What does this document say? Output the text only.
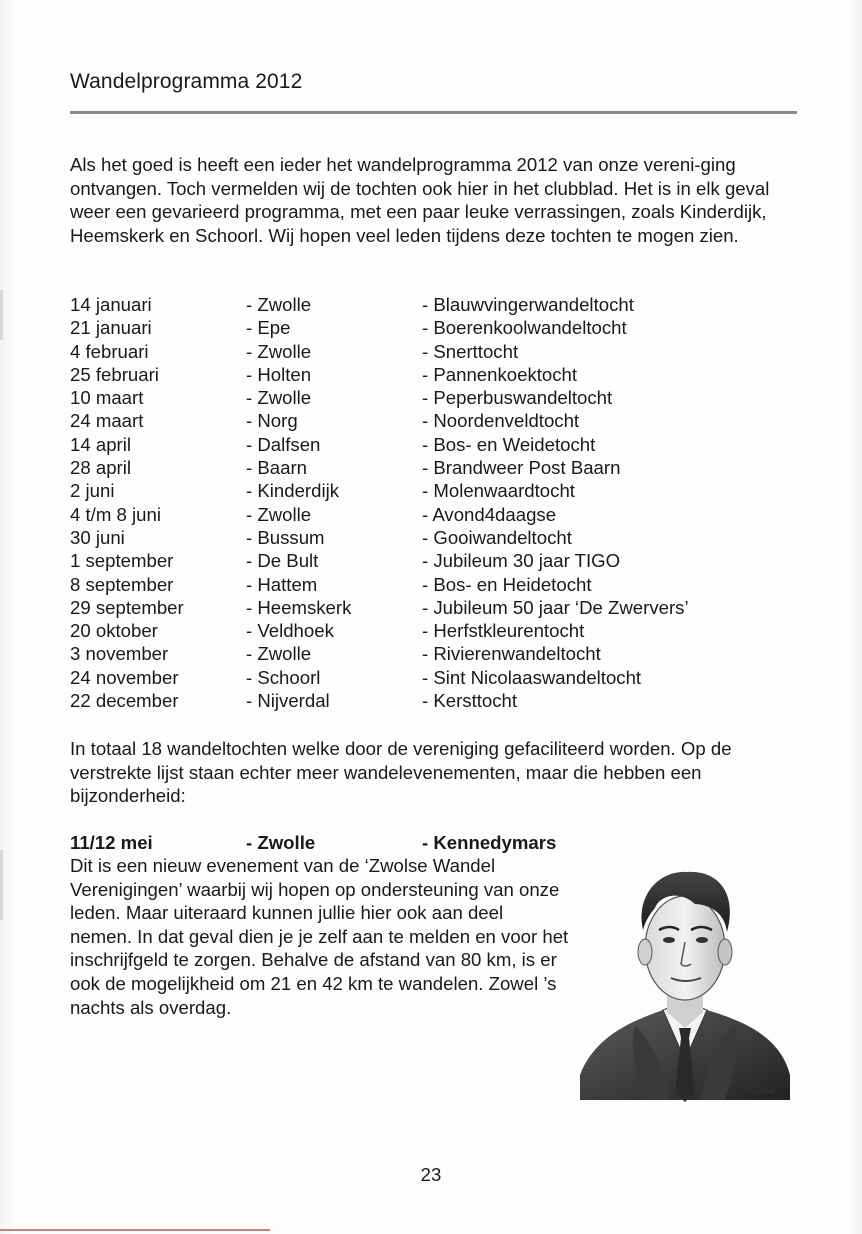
Wandelprogramma 2012

Als het goed is heeft een ieder het wandelprogramma 2012 van onze vereni-ging ontvangen. Toch vermelden wij de tochten ook hier in het clubblad. Het is in elk geval weer een gevarieerd programma, met een paar leuke verrassingen, zoals Kinderdijk, Heemskerk en Schoorl. Wij hopen veel leden tijdens deze tochten te mogen zien.

14 januari	- Zwolle	- Blauwvingerwandeltocht
21 januari	- Epe	- Boerenkoolwandeltocht
4 februari	- Zwolle	- Snerttocht
25 februari	- Holten	- Pannenkoektocht
10 maart	- Zwolle	- Peperbuswandeltocht
24 maart	- Norg	- Noordenveldtocht
14 april	- Dalfsen	- Bos- en Weidetocht
28 april	- Baarn	- Brandweer Post Baarn
2 juni	- Kinderdijk	- Molenwaardtocht
4 t/m 8 juni	- Zwolle	- Avond4daagse
30 juni	- Bussum	- Gooiwandeltocht
1 september	- De Bult	- Jubileum 30 jaar TIGO
8 september	- Hattem	- Bos- en Heidetocht
29 september	- Heemskerk	- Jubileum 50 jaar ‘De Zwervers’
20 oktober	- Veldhoek	- Herfstkleurentocht
3 november	- Zwolle	- Rivierenwandeltocht
24 november	- Schoorl	- Sint Nicolaaswandeltocht
22 december	- Nijverdal	- Kersttocht

In totaal 18 wandeltochten welke door de vereniging gefaciliteerd worden. Op de verstrekte lijst staan echter meer wandelevenementen, maar die hebben een bijzonderheid:

11/12 mei	- Zwolle	- Kennedymars

Dit is een nieuw evenement van de ‘Zwolse Wandel Verenigingen’ waarbij wij hopen op ondersteuning van onze leden. Maar uiteraard kunnen jullie hier ook aan deel nemen. In dat geval dien je je zelf aan te melden en voor het inschrijfgeld te zorgen. Behalve de afstand van 80 km, is er ook de mogelijkheid om 21 en 42 km te wandelen. Zowel ’s nachts als overdag.

23
